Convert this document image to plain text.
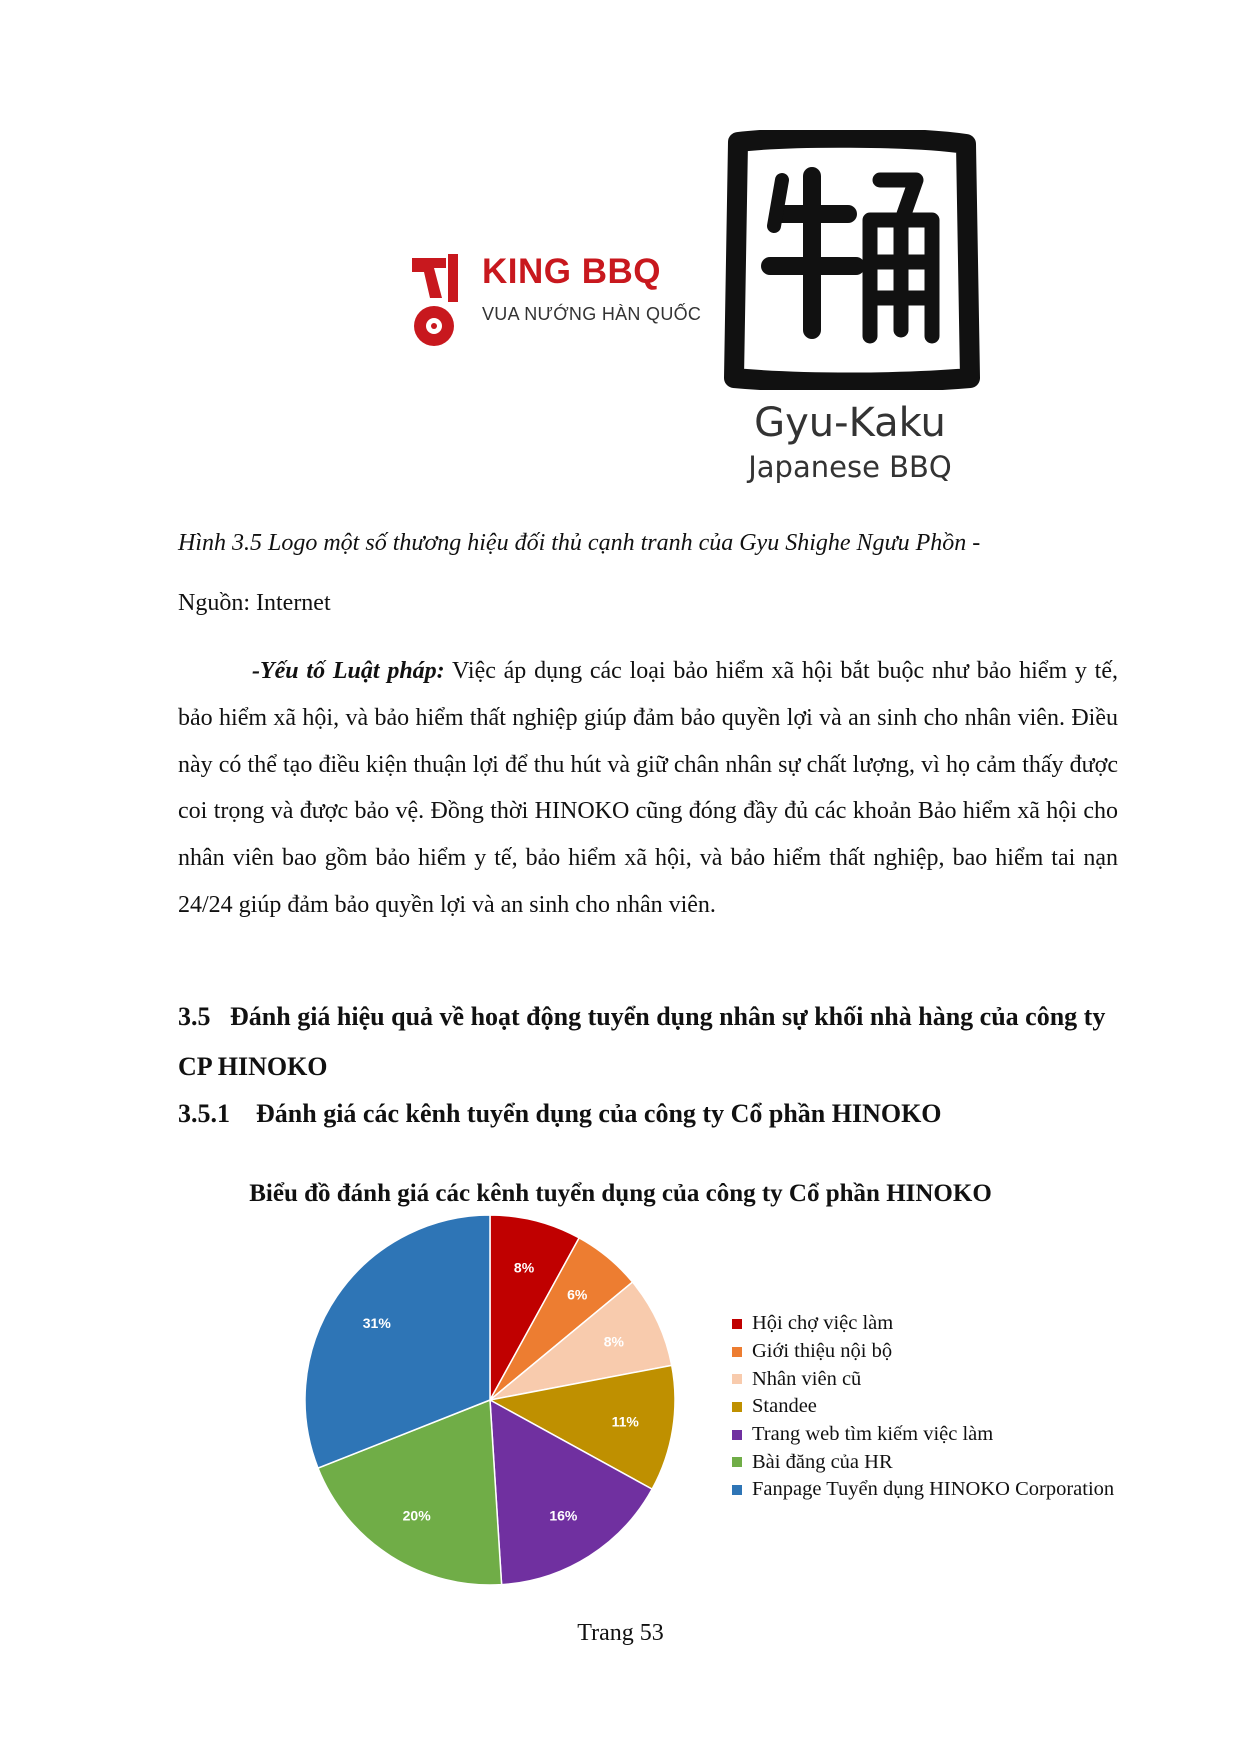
KING BBQ
VUA NƯỚNG HÀN QUỐC
Gyu-Kaku
Japanese BBQ
Hình 3.5 Logo một số thương hiệu đối thủ cạnh tranh của Gyu Shighe Ngưu Phồn -
Nguồn: Internet

-Yếu tố Luật pháp: Việc áp dụng các loại bảo hiểm xã hội bắt buộc như bảo hiểm y tế, bảo hiểm xã hội, và bảo hiểm thất nghiệp giúp đảm bảo quyền lợi và an sinh cho nhân viên. Điều này có thể tạo điều kiện thuận lợi để thu hút và giữ chân nhân sự chất lượng, vì họ cảm thấy được coi trọng và được bảo vệ. Đồng thời HINOKO cũng đóng đầy đủ các khoản Bảo hiểm xã hội cho nhân viên bao gồm bảo hiểm y tế, bảo hiểm xã hội, và bảo hiểm thất nghiệp, bao hiểm tai nạn 24/24 giúp đảm bảo quyền lợi và an sinh cho nhân viên.

3.5 Đánh giá hiệu quả về hoạt động tuyển dụng nhân sự khối nhà hàng của công ty CP HINOKO
3.5.1 Đánh giá các kênh tuyển dụng của công ty Cổ phần HINOKO
Biểu đồ đánh giá các kênh tuyển dụng của công ty Cổ phần HINOKO
8%
6%
8%
11%
16%
20%
31%	Hội chợ việc làm
Giới thiệu nội bộ
Nhân viên cũ
Standee
Trang web tìm kiếm việc làm
Bài đăng của HR
Fanpage Tuyển dụng HINOKO Corporation
Trang 53
